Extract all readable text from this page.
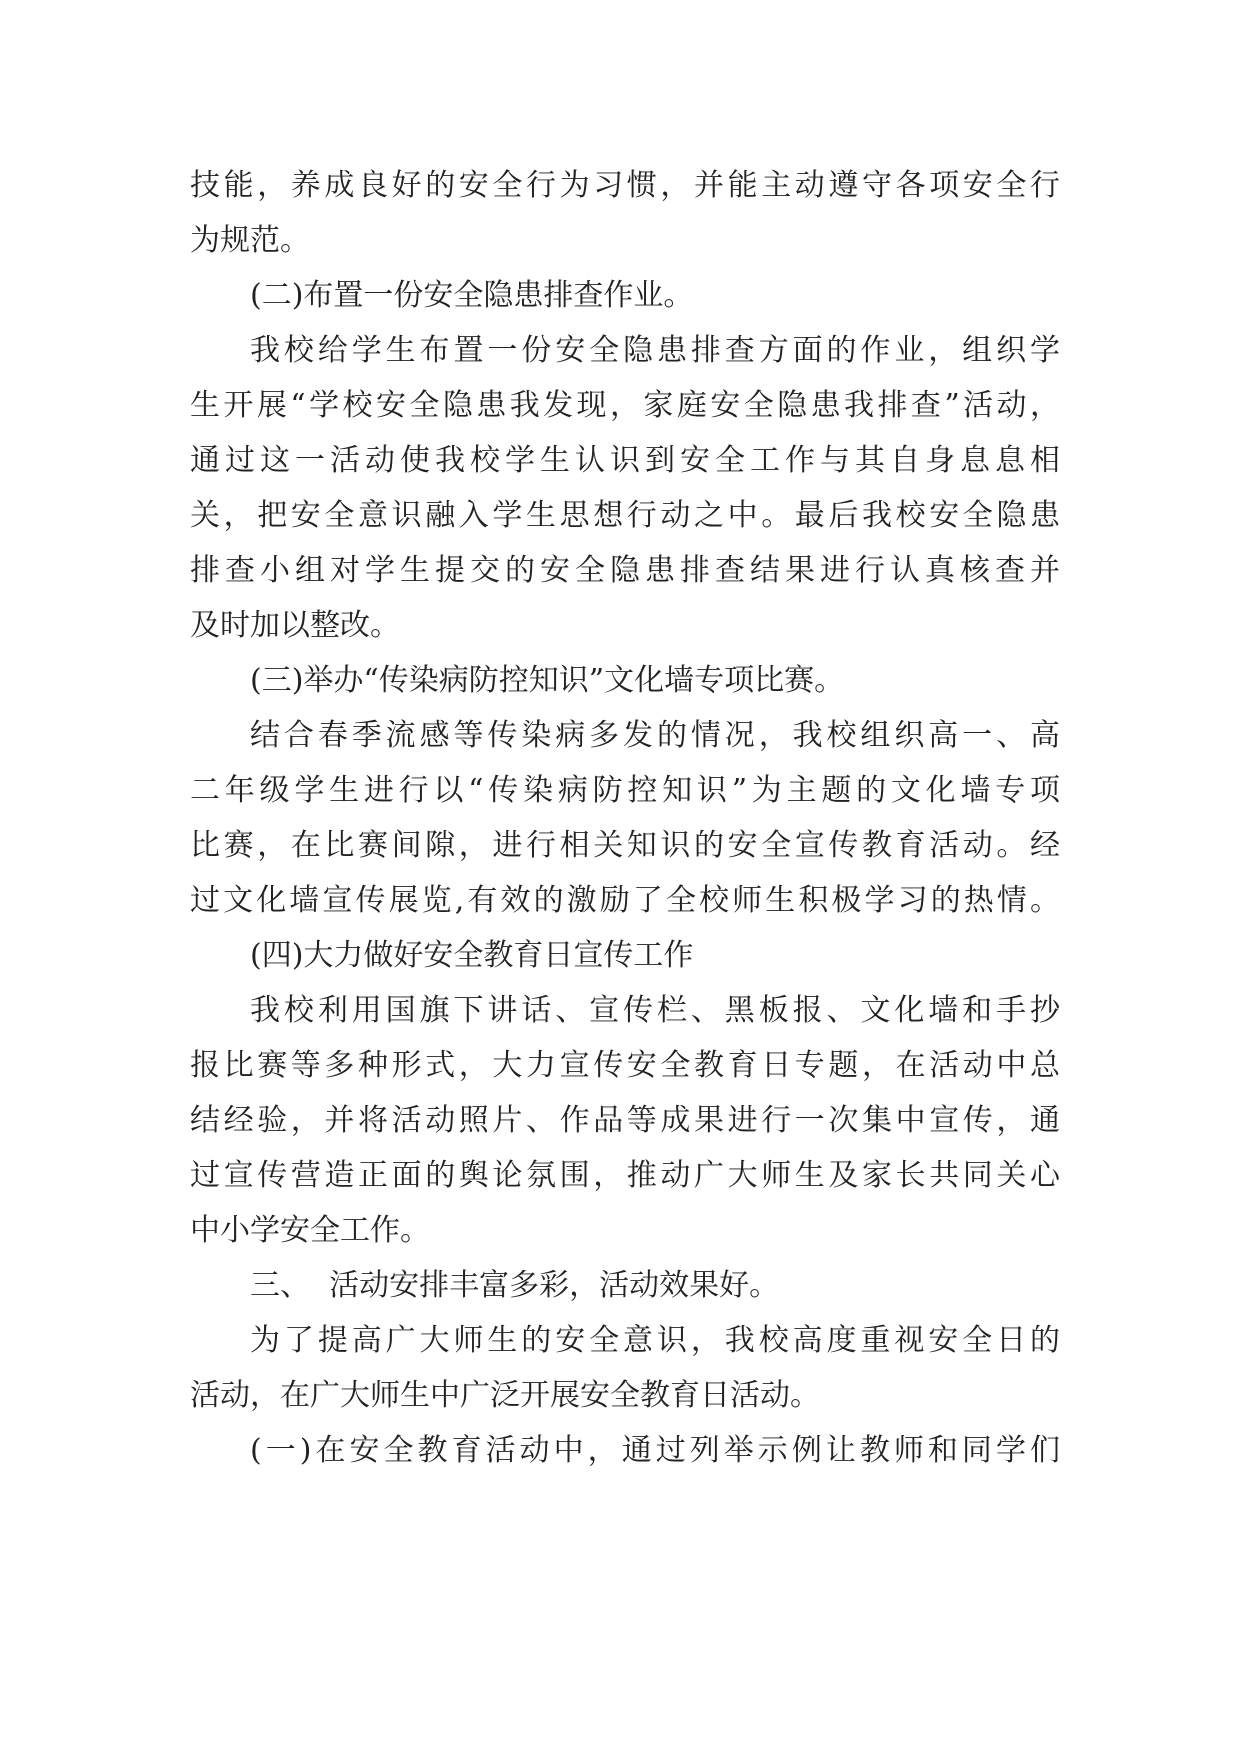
技能，养成良好的安全行为习惯，并能主动遵守各项安全行
为规范。
(二)布置一份安全隐患排查作业。
我校给学生布置一份安全隐患排查方面的作业，组织学
生开展“学校安全隐患我发现，家庭安全隐患我排查”活动，
通过这一活动使我校学生认识到安全工作与其自身息息相
关，把安全意识融入学生思想行动之中。最后我校安全隐患
排查小组对学生提交的安全隐患排查结果进行认真核查并
及时加以整改。
(三)举办“传染病防控知识”文化墙专项比赛。
结合春季流感等传染病多发的情况，我校组织高一、高
二年级学生进行以“传染病防控知识”为主题的文化墙专项
比赛，在比赛间隙，进行相关知识的安全宣传教育活动。经
过文化墙宣传展览,有效的激励了全校师生积极学习的热情。
(四)大力做好安全教育日宣传工作
我校利用国旗下讲话、宣传栏、黑板报、文化墙和手抄
报比赛等多种形式，大力宣传安全教育日专题，在活动中总
结经验，并将活动照片、作品等成果进行一次集中宣传，通
过宣传营造正面的舆论氛围，推动广大师生及家长共同关心
中小学安全工作。
三、  活动安排丰富多彩，活动效果好。
为了提高广大师生的安全意识，我校高度重视安全日的
活动，在广大师生中广泛开展安全教育日活动。
(一)在安全教育活动中，通过列举示例让教师和同学们
